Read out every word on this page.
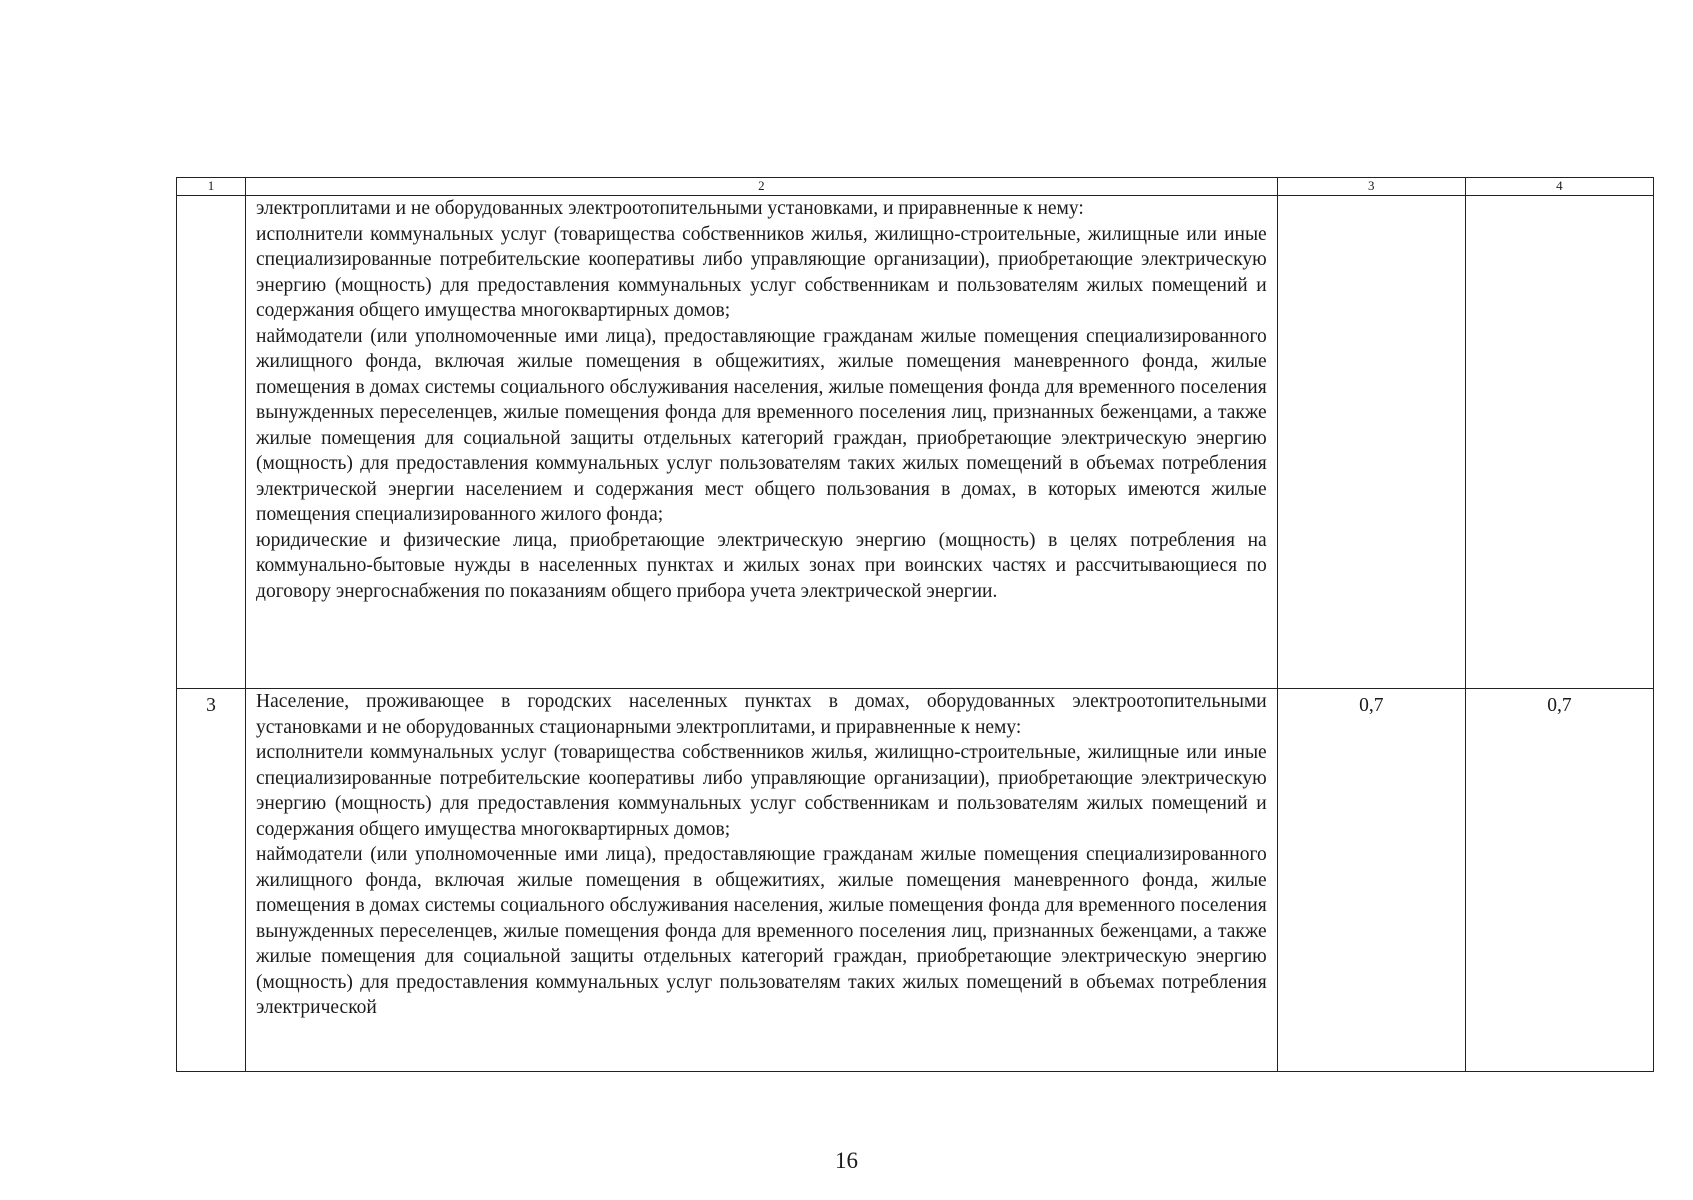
1	2	3	4

	электроплитами и не оборудованных электроотопительными установками, и приравненные к нему:

исполнители коммунальных услуг (товарищества собственников жилья, жилищно-строительные, жилищные или иные специализированные потребительские кооперативы либо управляющие организации), приобретающие электрическую энергию (мощность) для предоставления коммунальных услуг собственникам и пользователям жилых помещений и содержания общего имущества многоквартирных домов;

наймодатели (или уполномоченные ими лица), предоставляющие гражданам жилые помещения специализированного жилищного фонда, включая жилые помещения в общежитиях, жилые помещения маневренного фонда, жилые помещения в домах системы социального обслуживания населения, жилые помещения фонда для временного поселения вынужденных переселенцев, жилые помещения фонда для временного поселения лиц, признанных беженцами, а также жилые помещения для социальной защиты отдельных категорий граждан, приобретающие электрическую энергию (мощность) для предоставления коммунальных услуг пользователям таких жилых помещений в объемах потребления электрической энергии населением и содержания мест общего пользования в домах, в которых имеются жилые помещения специализированного жилого фонда;

юридические и физические лица, приобретающие электрическую энергию (мощность) в целях потребления на коммунально-бытовые нужды в населенных пунктах и жилых зонах при воинских частях и рассчитывающиеся по договору энергоснабжения по показаниям общего прибора учета электрической энергии.		

3	Население, проживающее в городских населенных пунктах в домах, оборудованных электроотопительными установками и не оборудованных стационарными электроплитами, и приравненные к нему:

исполнители коммунальных услуг (товарищества собственников жилья, жилищно-строительные, жилищные или иные специализированные потребительские кооперативы либо управляющие организации), приобретающие электрическую энергию (мощность) для предоставления коммунальных услуг собственникам и пользователям жилых помещений и содержания общего имущества многоквартирных домов;

наймодатели (или уполномоченные ими лица), предоставляющие гражданам жилые помещения специализированного жилищного фонда, включая жилые помещения в общежитиях, жилые помещения маневренного фонда, жилые помещения в домах системы социального обслуживания населения, жилые помещения фонда для временного поселения вынужденных переселенцев, жилые помещения фонда для временного поселения лиц, признанных беженцами, а также жилые помещения для социальной защиты отдельных категорий граждан, приобретающие электрическую энергию (мощность) для предоставления коммунальных услуг пользователям таких жилых помещений в объемах потребления электрической	0,7	0,7
16
